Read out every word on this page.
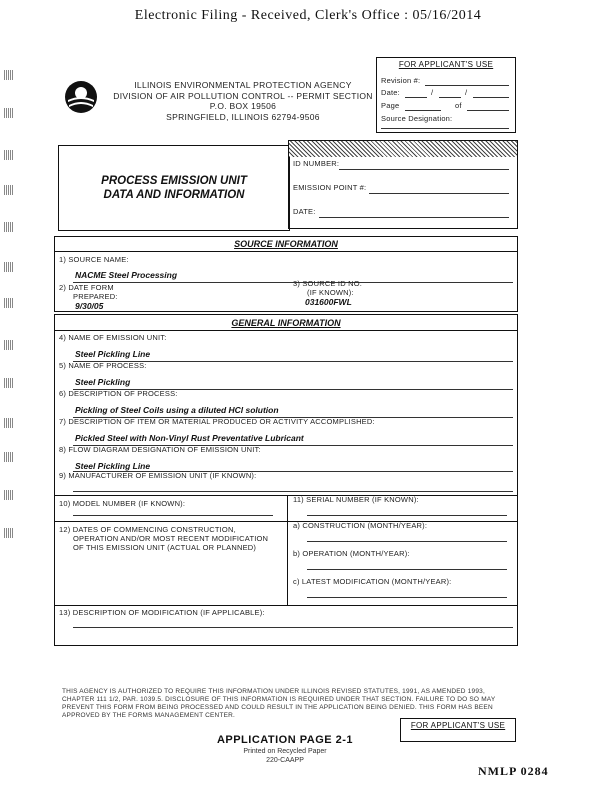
Electronic Filing - Received, Clerk's Office : 05/16/2014
ILLINOIS ENVIRONMENTAL PROTECTION AGENCY
DIVISION OF AIR POLLUTION CONTROL -- PERMIT SECTION
P.O. BOX 19506
SPRINGFIELD, ILLINOIS 62794-9506
FOR APPLICANT'S USE
Revision #:
Date:	/	/
Page	of
Source Designation:
PROCESS EMISSION UNIT
DATA AND INFORMATION
ID NUMBER:
EMISSION POINT #:
DATE:
SOURCE INFORMATION
1) SOURCE NAME:
NACME Steel Processing
2) DATE FORM
PREPARED:
9/30/05
3) SOURCE ID NO.
(IF KNOWN):
031600FWL
GENERAL INFORMATION
4) NAME OF EMISSION UNIT:
Steel Pickling Line
5) NAME OF PROCESS:
Steel Pickling
6) DESCRIPTION OF PROCESS:
Pickling of Steel Coils using a diluted HCl solution
7) DESCRIPTION OF ITEM OR MATERIAL PRODUCED OR ACTIVITY ACCOMPLISHED:
Pickled Steel with Non-Vinyl Rust Preventative Lubricant
8) FLOW DIAGRAM DESIGNATION OF EMISSION UNIT:
Steel Pickling Line
9) MANUFACTURER OF EMISSION UNIT (IF KNOWN):
10) MODEL NUMBER (IF KNOWN):	11) SERIAL NUMBER (IF KNOWN):
12) DATES OF COMMENCING CONSTRUCTION,
OPERATION AND/OR MOST RECENT MODIFICATION
OF THIS EMISSION UNIT (ACTUAL OR PLANNED)
a) CONSTRUCTION (MONTH/YEAR):
b) OPERATION (MONTH/YEAR):
c) LATEST MODIFICATION (MONTH/YEAR):
13) DESCRIPTION OF MODIFICATION (IF APPLICABLE):
THIS AGENCY IS AUTHORIZED TO REQUIRE THIS INFORMATION UNDER ILLINOIS REVISED STATUTES, 1991, AS AMENDED 1993,
CHAPTER 111 1/2, PAR. 1039.5. DISCLOSURE OF THIS INFORMATION IS REQUIRED UNDER THAT SECTION. FAILURE TO DO SO MAY
PREVENT THIS FORM FROM BEING PROCESSED AND COULD RESULT IN THE APPLICATION BEING DENIED. THIS FORM HAS BEEN
APPROVED BY THE FORMS MANAGEMENT CENTER.
FOR APPLICANT'S USE
APPLICATION PAGE 2-1
Printed on Recycled Paper
220-CAAPP
NMLP 0284
